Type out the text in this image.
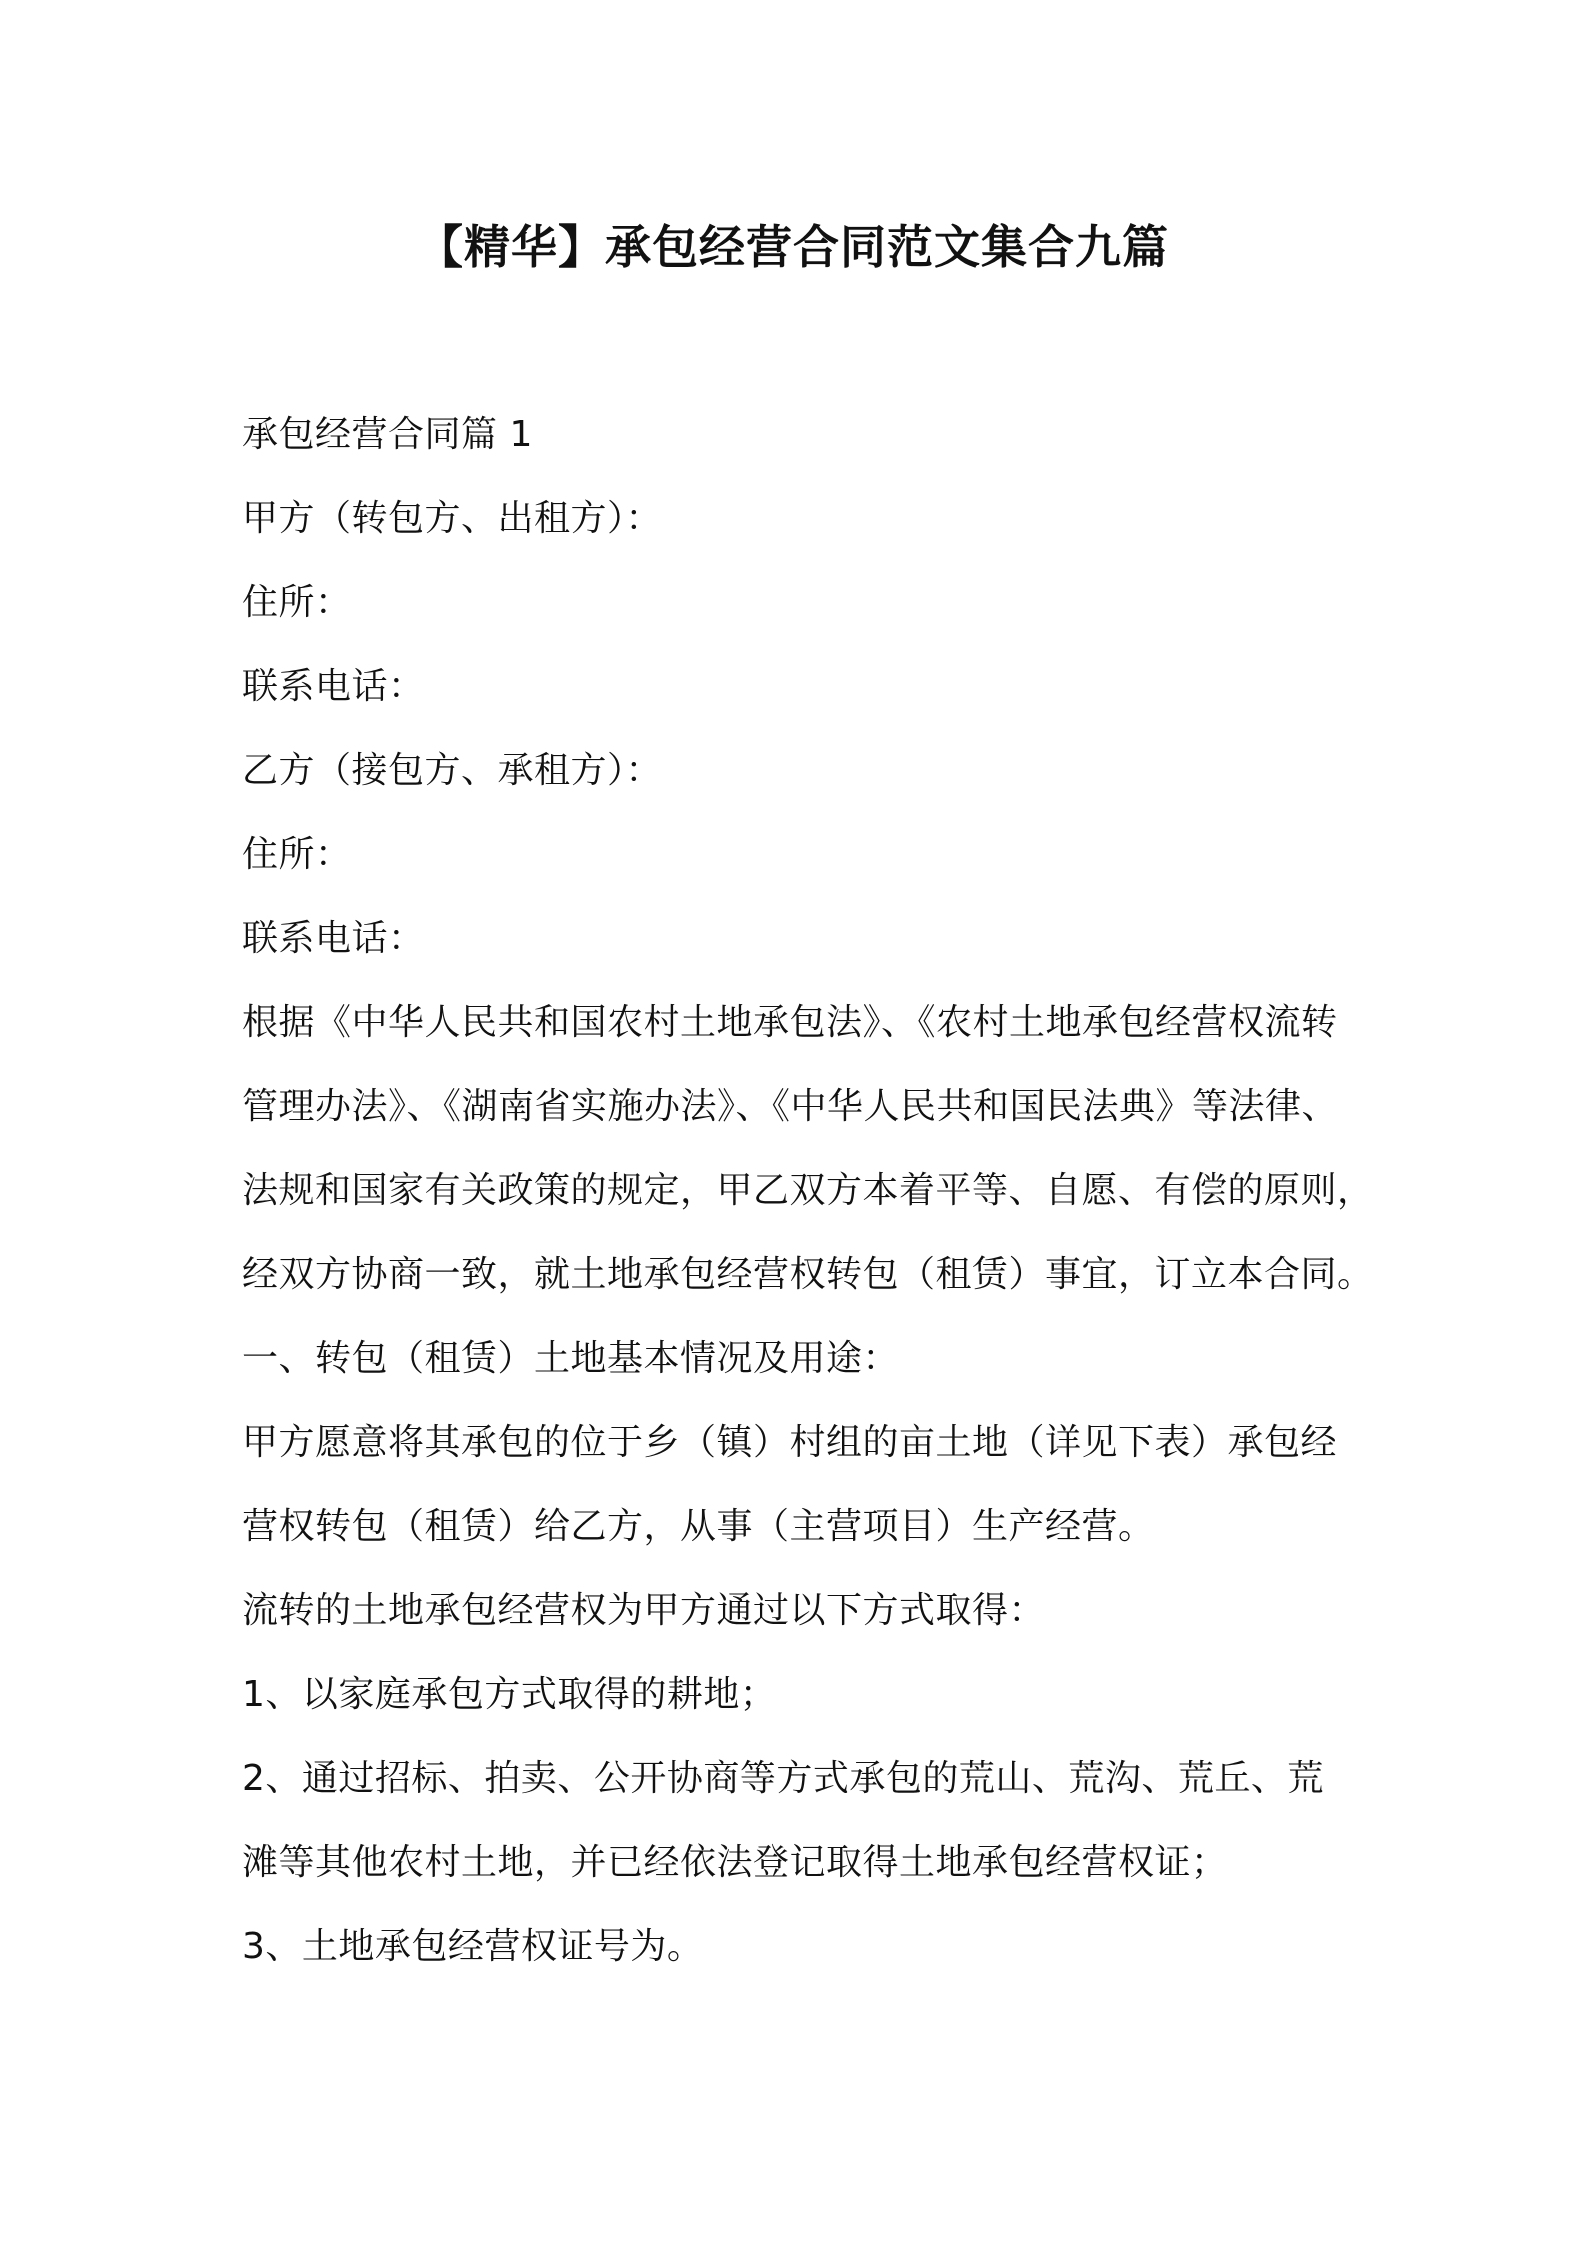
【精华】承包经营合同范文集合九篇
承包经营合同篇 1
甲方（转包方、出租方）：
住所：
联系电话：
乙方（接包方、承租方）：
住所：
联系电话：
根据《中华人民共和国农村土地承包法》、《农村土地承包经营权流转
管理办法》、《湖南省实施办法》、《中华人民共和国民法典》等法律、
法规和国家有关政策的规定，甲乙双方本着平等、自愿、有偿的原则，
经双方协商一致，就土地承包经营权转包（租赁）事宜，订立本合同。
一、转包（租赁）土地基本情况及用途：
甲方愿意将其承包的位于乡（镇）村组的亩土地（详见下表）承包经
营权转包（租赁）给乙方，从事（主营项目）生产经营。
流转的土地承包经营权为甲方通过以下方式取得：
1、以家庭承包方式取得的耕地；
2、通过招标、拍卖、公开协商等方式承包的荒山、荒沟、荒丘、荒
滩等其他农村土地，并已经依法登记取得土地承包经营权证；
3、土地承包经营权证号为。
